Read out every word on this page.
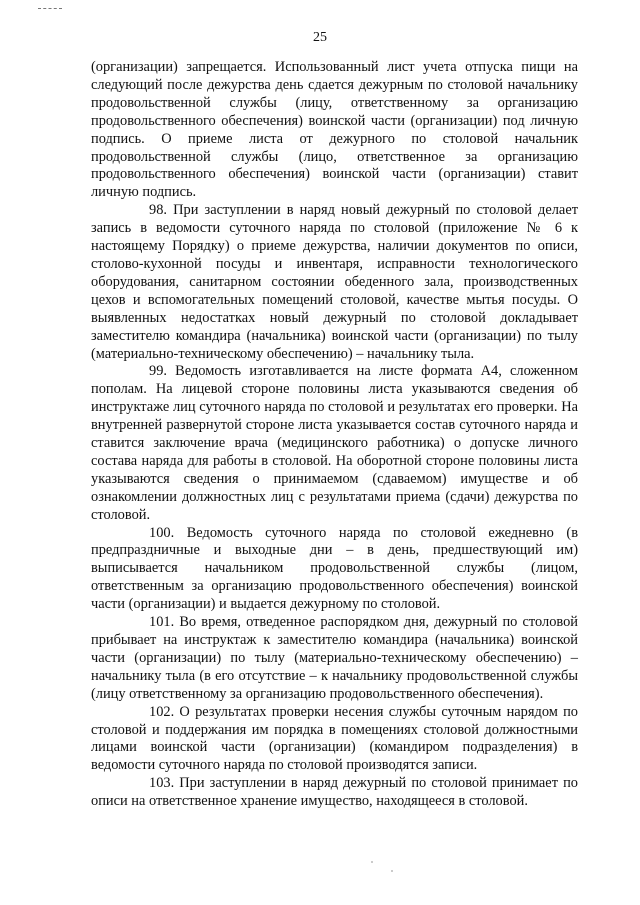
25

(организации) запрещается. Использованный лист учета отпуска пищи на следующий после дежурства день сдается дежурным по столовой начальнику продовольственной службы (лицу, ответственному за организацию продовольственного обеспечения) воинской части (организации) под личную подпись. О приеме листа от дежурного по столовой начальник продовольственной службы (лицо, ответственное за организацию продовольственного обеспечения) воинской части (организации) ставит личную подпись.

98. При заступлении в наряд новый дежурный по столовой делает запись в ведомости суточного наряда по столовой (приложение № 6 к настоящему Порядку) о приеме дежурства, наличии документов по описи, столово-кухонной посуды и инвентаря, исправности технологического оборудования, санитарном состоянии обеденного зала, производственных цехов и вспомогательных помещений столовой, качестве мытья посуды. О выявленных недостатках новый дежурный по столовой докладывает заместителю командира (начальника) воинской части (организации) по тылу (материально-техническому обеспечению) – начальнику тыла.

99. Ведомость изготавливается на листе формата А4, сложенном пополам. На лицевой стороне половины листа указываются сведения об инструктаже лиц суточного наряда по столовой и результатах его проверки. На внутренней развернутой стороне листа указывается состав суточного наряда и ставится заключение врача (медицинского работника) о допуске личного состава наряда для работы в столовой. На оборотной стороне половины листа указываются сведения о принимаемом (сдаваемом) имуществе и об ознакомлении должностных лиц с результатами приема (сдачи) дежурства по столовой.

100. Ведомость суточного наряда по столовой ежедневно (в предпраздничные и выходные дни – в день, предшествующий им) выписывается начальником продовольственной службы (лицом, ответственным за организацию продовольственного обеспечения) воинской части (организации) и выдается дежурному по столовой.

101. Во время, отведенное распорядком дня, дежурный по столовой прибывает на инструктаж к заместителю командира (начальника) воинской части (организации) по тылу (материально-техническому обеспечению) – начальнику тыла (в его отсутствие – к начальнику продовольственной службы (лицу ответственному за организацию продовольственного обеспечения).

102. О результатах проверки несения службы суточным нарядом по столовой и поддержания им порядка в помещениях столовой должностными лицами воинской части (организации) (командиром подразделения) в ведомости суточного наряда по столовой производятся записи.

103. При заступлении в наряд дежурный по столовой принимает по описи на ответственное хранение имущество, находящееся в столовой.
